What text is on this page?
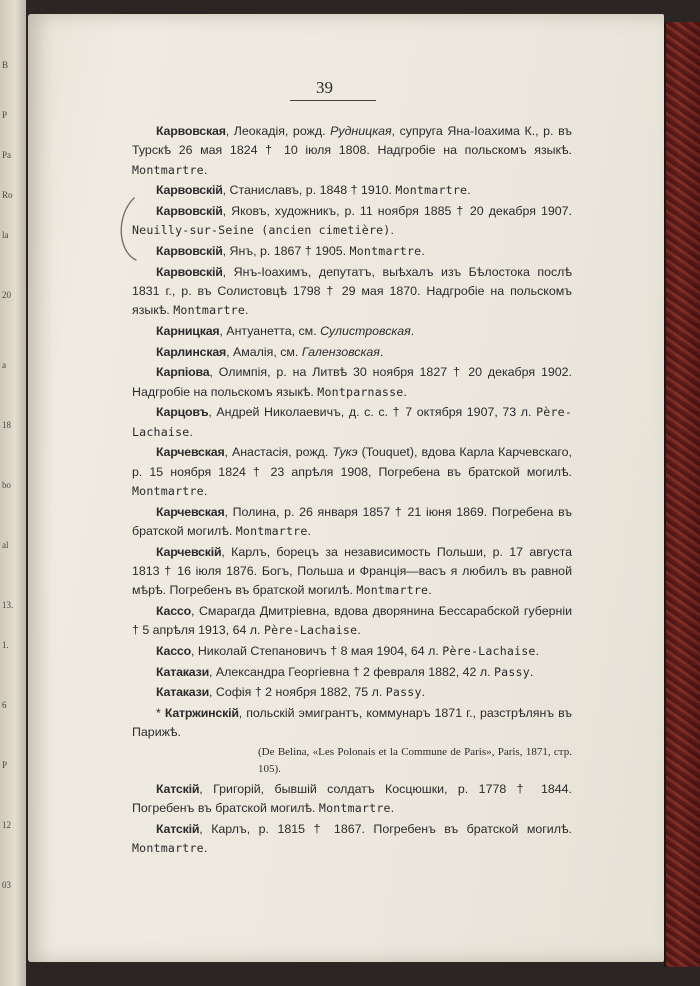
B
P
Pa
Ro
la
20
a
18
bo
al
13.
1.
6
P
12
03
39

Карвовская, Леокадія, рожд. Рудницкая, супруга Яна-Іоахима К., р. въ Турскѣ 26 мая 1824 † 10 іюля 1808. Надгробіе на польскомъ языкѣ. Montmartre.

Карвовскій, Станиславъ, р. 1848 † 1910. Montmartre.

Карвовскій, Яковъ, художникъ, р. 11 ноября 1885 † 20 декабря 1907. Neuilly-sur-Seine (ancien cimetière).

Карвовскій, Янъ, р. 1867 † 1905. Montmartre.

Карвовскій, Янъ-Іоахимъ, депутатъ, выѣхалъ изъ Бѣлостока послѣ 1831 г., р. въ Солистовцѣ 1798 † 29 мая 1870. Надгробіе на польскомъ языкѣ. Montmartre.

Карницкая, Антуанетта, см. Сулистровская.

Карлинская, Амалія, см. Галензовская.

Карпіова, Олимпія, р. на Литвѣ 30 ноября 1827 † 20 декабря 1902. Надгробіе на польскомъ языкѣ. Montparnasse.

Карцовъ, Андрей Николаевичъ, д. с. с. † 7 октября 1907, 73 л. Père-Lachaise.

Карчевская, Анастасія, рожд. Тукэ (Touquet), вдова Карла Карчевскаго, р. 15 ноября 1824 † 23 апрѣля 1908, Погребена въ братской могилѣ. Montmartre.

Карчевская, Полина, р. 26 января 1857 † 21 іюня 1869. Погребена въ братской могилѣ. Montmartre.

Карчевскій, Карлъ, борецъ за независимость Польши, р. 17 августа 1813 † 16 іюля 1876. Богъ, Польша и Франція—васъ я любилъ въ равной мѣрѣ. Погребенъ въ братской могилѣ. Montmartre.

Кассо, Смарагда Дмитріевна, вдова дворянина Бессарабской губерніи † 5 апрѣля 1913, 64 л. Père-Lachaise.

Кассо, Николай Степановичъ † 8 мая 1904, 64 л. Père-Lachaise.

Катакази, Александра Георгіевна † 2 февраля 1882, 42 л. Passy.

Катакази, Софія † 2 ноября 1882, 75 л. Passy.

* Катржинскій, польскій эмигрантъ, коммунаръ 1871 г., разстрѣлянъ въ Парижѣ.

(De Belina, «Les Polonais et la Commune de Paris», Paris, 1871, стр. 105).

Катскій, Григорій, бывшій солдатъ Косцюшки, р. 1778 † 1844. Погребенъ въ братской могилѣ. Montmartre.

Катскій, Карлъ, р. 1815 † 1867. Погребенъ въ братской могилѣ. Montmartre.
